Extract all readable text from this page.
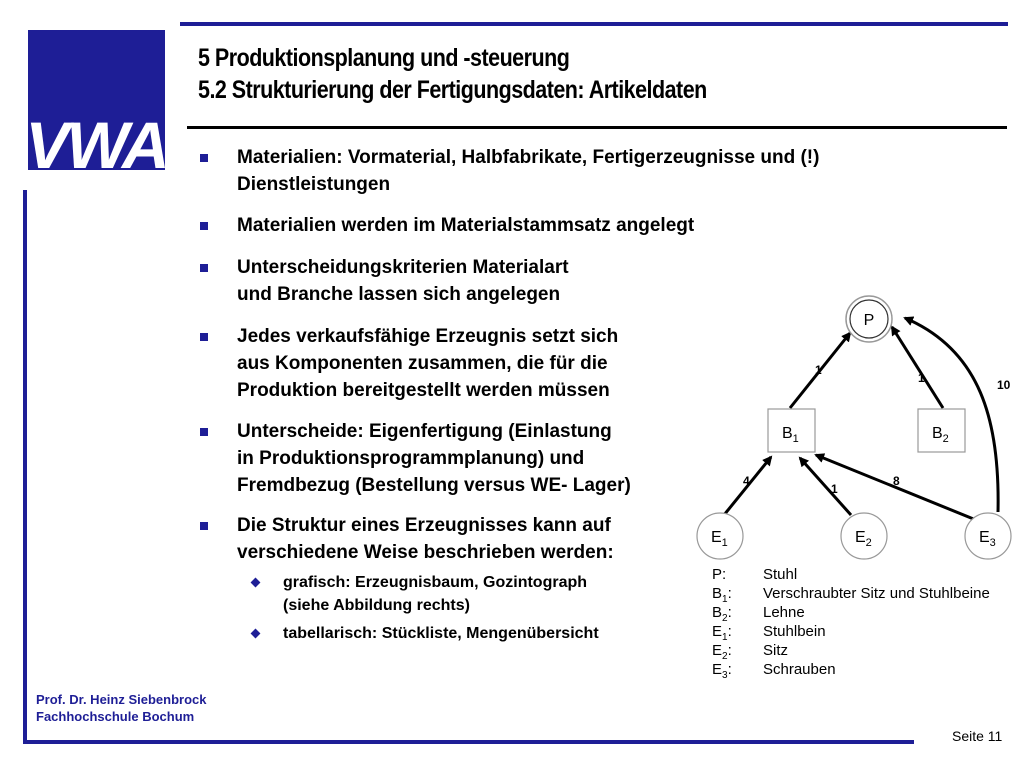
VWA
5 Produktionsplanung und -steuerung
5.2 Strukturierung der Fertigungsdaten: Artikeldaten
Materialien: Vormaterial, Halbfabrikate, Fertigerzeugnisse und (!)
Dienstleistungen
Materialien werden im Materialstammsatz angelegt
Unterscheidungskriterien Materialart
und Branche lassen sich angelegen
Jedes verkaufsfähige Erzeugnis setzt sich
aus Komponenten zusammen, die für die
Produktion bereitgestellt werden müssen
Unterscheide: Eigenfertigung (Einlastung
in Produktionsprogrammplanung) und
Fremdbezug (Bestellung versus WE- Lager)
Die Struktur eines Erzeugnisses kann auf
verschiedene Weise beschrieben werden:
grafisch: Erzeugnisbaum, Gozintograph
(siehe Abbildung rechts)
tabellarisch: Stückliste, Mengenübersicht
1
1	10
4
1
8
P
$B_1$	$B_2$
$E_1$	$E_2$	$E_3$
P: Stuhl
$B_1$: Verschraubter Sitz und Stuhlbeine
$B_2$: Lehne
$E_1$: Stuhlbein
$E_2$: Sitz
$E_3$: Schrauben
Prof. Dr. Heinz Siebenbrock
Fachhochschule Bochum
Seite 11
